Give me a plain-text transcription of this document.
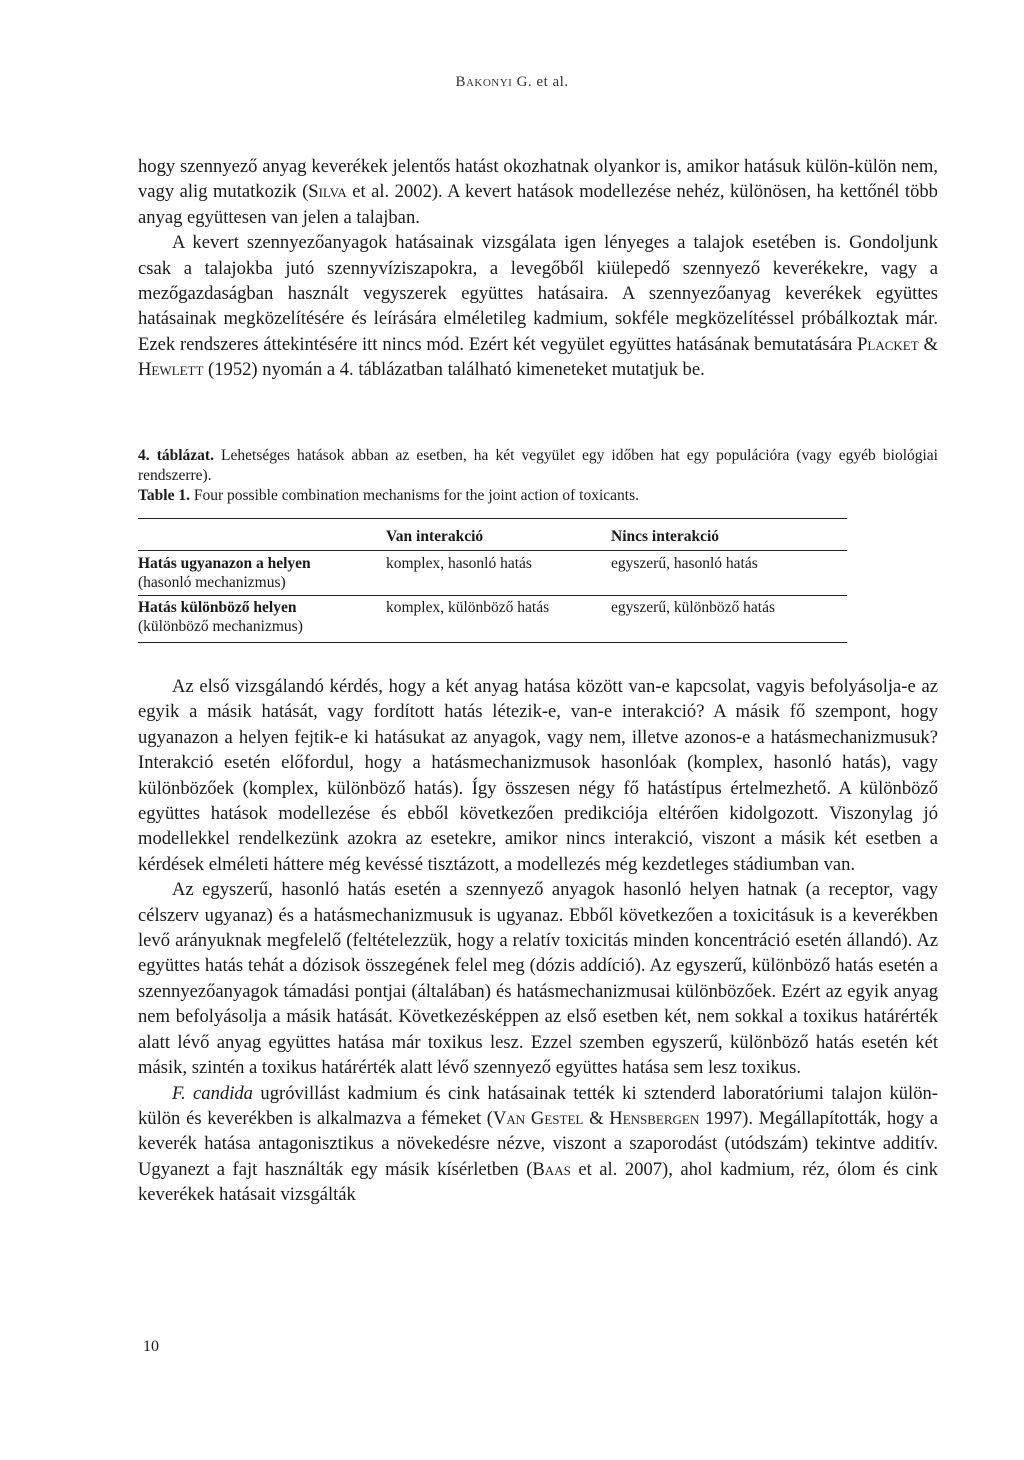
Bakonyi G. et al.

hogy szennyező anyag keverékek jelentős hatást okozhatnak olyankor is, amikor hatásuk külön-külön nem, vagy alig mutatkozik (Silva et al. 2002). A kevert hatások modellezése nehéz, különösen, ha kettőnél több anyag együttesen van jelen a talajban.

A kevert szennyezőanyagok hatásainak vizsgálata igen lényeges a talajok esetében is. Gondoljunk csak a talajokba jutó szennyvíziszapokra, a levegőből kiülepedő szennyező keverékekre, vagy a mezőgazdaságban használt vegyszerek együttes hatásaira. A szennyezőanyag keverékek együttes hatásainak megközelítésére és leírására elméletileg kadmium, sokféle megközelítéssel próbálkoztak már. Ezek rendszeres áttekintésére itt nincs mód. Ezért két vegyület együttes hatásának bemutatására Placket & Hewlett (1952) nyomán a 4. táblázatban található kimeneteket mutatjuk be.

4. táblázat. Lehetséges hatások abban az esetben, ha két vegyület egy időben hat egy populációra (vagy egyéb biológiai rendszerre).

Table 1. Four possible combination mechanisms for the joint action of toxicants.

	Van interakció	Nincs interakció
Hatás ugyanazon a helyen	komplex, hasonló hatás	egyszerű, hasonló hatás
(hasonló mechanizmus)		
Hatás különböző helyen	komplex, különböző hatás	egyszerű, különböző hatás
(különböző mechanizmus)		

Az első vizsgálandó kérdés, hogy a két anyag hatása között van-e kapcsolat, vagyis befolyásolja-e az egyik a másik hatását, vagy fordított hatás létezik-e, van-e interakció? A másik fő szempont, hogy ugyanazon a helyen fejtik-e ki hatásukat az anyagok, vagy nem, illetve azonos-e a hatásmechanizmusuk? Interakció esetén előfordul, hogy a hatásmechanizmusok hasonlóak (komplex, hasonló hatás), vagy különbözőek (komplex, különböző hatás). Így összesen négy fő hatástípus értelmezhető. A különböző együttes hatások modellezése és ebből következően predikciója eltérően kidolgozott. Viszonylag jó modellekkel rendelkezünk azokra az esetekre, amikor nincs interakció, viszont a másik két esetben a kérdések elméleti háttere még kevéssé tisztázott, a modellezés még kezdetleges stádiumban van.

Az egyszerű, hasonló hatás esetén a szennyező anyagok hasonló helyen hatnak (a receptor, vagy célszerv ugyanaz) és a hatásmechanizmusuk is ugyanaz. Ebből következően a toxicitásuk is a keverékben levő arányuknak megfelelő (feltételezzük, hogy a relatív toxicitás minden koncentráció esetén állandó). Az együttes hatás tehát a dózisok összegének felel meg (dózis addíció). Az egyszerű, különböző hatás esetén a szennyezőanyagok támadási pontjai (általában) és hatásmechanizmusai különbözőek. Ezért az egyik anyag nem befolyásolja a másik hatását. Következésképpen az első esetben két, nem sokkal a toxikus határérték alatt lévő anyag együttes hatása már toxikus lesz. Ezzel szemben egyszerű, különböző hatás esetén két másik, szintén a toxikus határérték alatt lévő szennyező együttes hatása sem lesz toxikus.

F. candida ugróvillást kadmium és cink hatásainak tették ki sztenderd laboratóriumi talajon külön-külön és keverékben is alkalmazva a fémeket (Van Gestel & Hensbergen 1997). Megállapították, hogy a keverék hatása antagonisztikus a növekedésre nézve, viszont a szaporodást (utódszám) tekintve additív. Ugyanezt a fajt használták egy másik kísérletben (Baas et al. 2007), ahol kadmium, réz, ólom és cink keverékek hatásait vizsgálták

10
